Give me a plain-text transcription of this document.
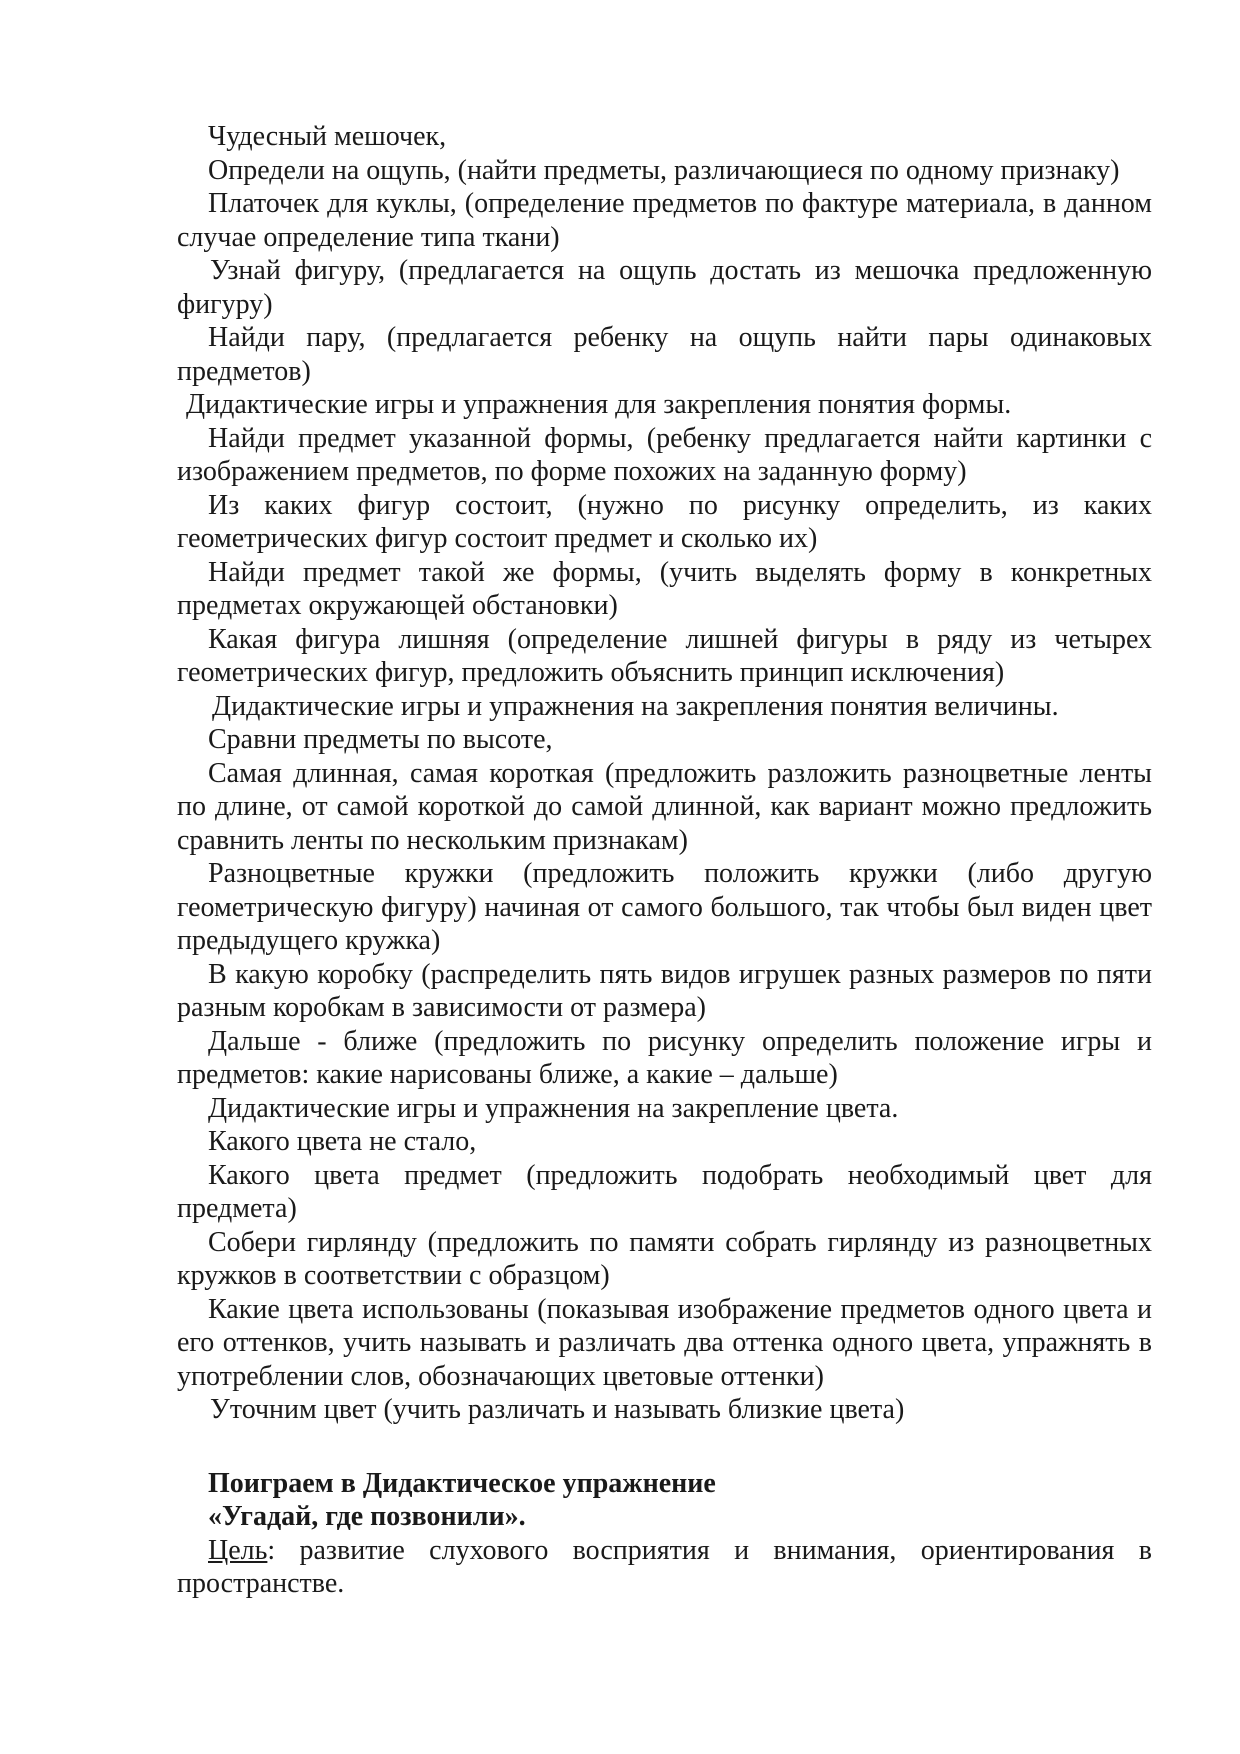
Чудесный мешочек,

Определи на ощупь, (найти предметы, различающиеся по одному признаку)

Платочек для куклы, (определение предметов по фактуре материала, в данном случае определение типа ткани)

Узнай фигуру, (предлагается на ощупь достать из мешочка предложенную фигуру)

Найди пару, (предлагается ребенку на ощупь найти пары одинаковых предметов)

Дидактические игры и упражнения для закрепления понятия формы.

Найди предмет указанной формы, (ребенку предлагается найти картинки с изображением предметов, по форме похожих на заданную форму)

Из каких фигур состоит, (нужно по рисунку определить, из каких геометрических фигур состоит предмет и сколько их)

Найди предмет такой же формы, (учить выделять форму в конкретных предметах окружающей обстановки)

Какая фигура лишняя (определение лишней фигуры в ряду из четырех геометрических фигур, предложить объяснить принцип исключения)

Дидактические игры и упражнения на закрепления понятия величины.

Сравни предметы по высоте,

Самая длинная, самая короткая (предложить разложить разноцветные ленты по длине, от самой короткой до самой длинной, как вариант можно предложить сравнить ленты по нескольким признакам)

Разноцветные кружки (предложить положить кружки (либо другую геометрическую фигуру) начиная от самого большого, так чтобы был виден цвет предыдущего кружка)

В какую коробку (распределить пять видов игрушек разных размеров по пяти разным коробкам в зависимости от размера)

Дальше - ближе (предложить по рисунку определить положение игры и предметов: какие нарисованы ближе, а какие – дальше)

Дидактические игры и упражнения на закрепление цвета.

Какого цвета не стало,

Какого цвета предмет (предложить подобрать необходимый цвет для предмета)

Собери гирлянду (предложить по памяти собрать гирлянду из разноцветных кружков в соответствии с образцом)

Какие цвета использованы (показывая изображение предметов одного цвета и его оттенков, учить называть и различать два оттенка одного цвета, упражнять в употреблении слов, обозначающих цветовые оттенки)

Уточним цвет (учить различать и называть близкие цвета)

Поиграем в Дидактическое упражнение

«Угадай, где позвонили».

Цель: развитие слухового восприятия и внимания, ориентирования в пространстве.
